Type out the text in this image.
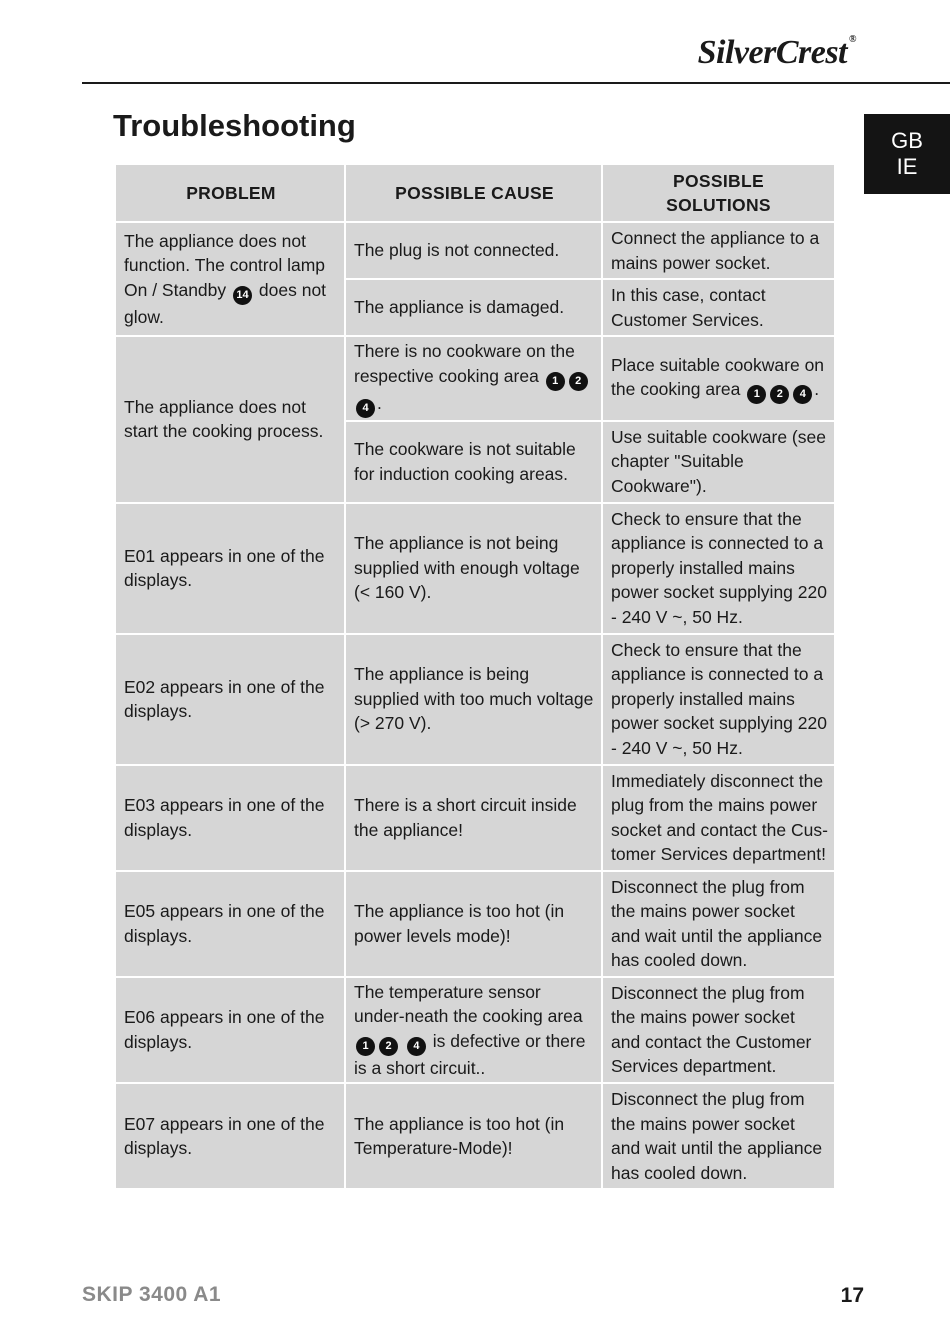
SilverCrest ®
GB
IE
Troubleshooting
PROBLEM	POSSIBLE CAUSE	POSSIBLE SOLUTIONS
The appliance does not function. The control lamp On / Standby 14 does not glow.	The plug is not connected.	Connect the appliance to a mains power socket.
	The appliance is damaged.	In this case, contact Customer Services.
The appliance does not start the cooking process.	There is no cookware on the respective cooking area 1 24 .	Place suitable cookware on the cooking area 1 2 4 .
	The cookware is not suitable for induction cooking areas.	Use suitable cookware (see chapter "Suitable Cookware").
E01 appears in one of the displays.	The appliance is not being supplied with enough voltage (< 160 V).	Check to ensure that the appliance is connected to a properly installed mains power socket supplying 220 - 240 V ~, 50 Hz.
E02 appears in one of the displays.	The appliance is being supplied with too much voltage (> 270 V).	Check to ensure that the appliance is connected to a properly installed mains power socket supplying 220 - 240 V ~, 50 Hz.
E03 appears in one of the displays.	There is a short circuit inside the appliance!	Immediately disconnect the plug from the mains power socket and contact the Cus-tomer Services department!
E05 appears in one of the displays.	The appliance is too hot (in power levels mode)!	Disconnect the plug from the mains power socket and wait until the appliance has cooled down.
E06 appears in one of the displays.	The temperature sensor under-neath the cooking area 1 2 4 is defective or there is a short circuit..	Disconnect the plug from the mains power socket and contact the Customer Services department.
E07 appears in one of the displays.	The appliance is too hot (in Temperature-Mode)!	Disconnect the plug from the mains power socket and wait until the appliance has cooled down.
SKIP 3400 A1	17
